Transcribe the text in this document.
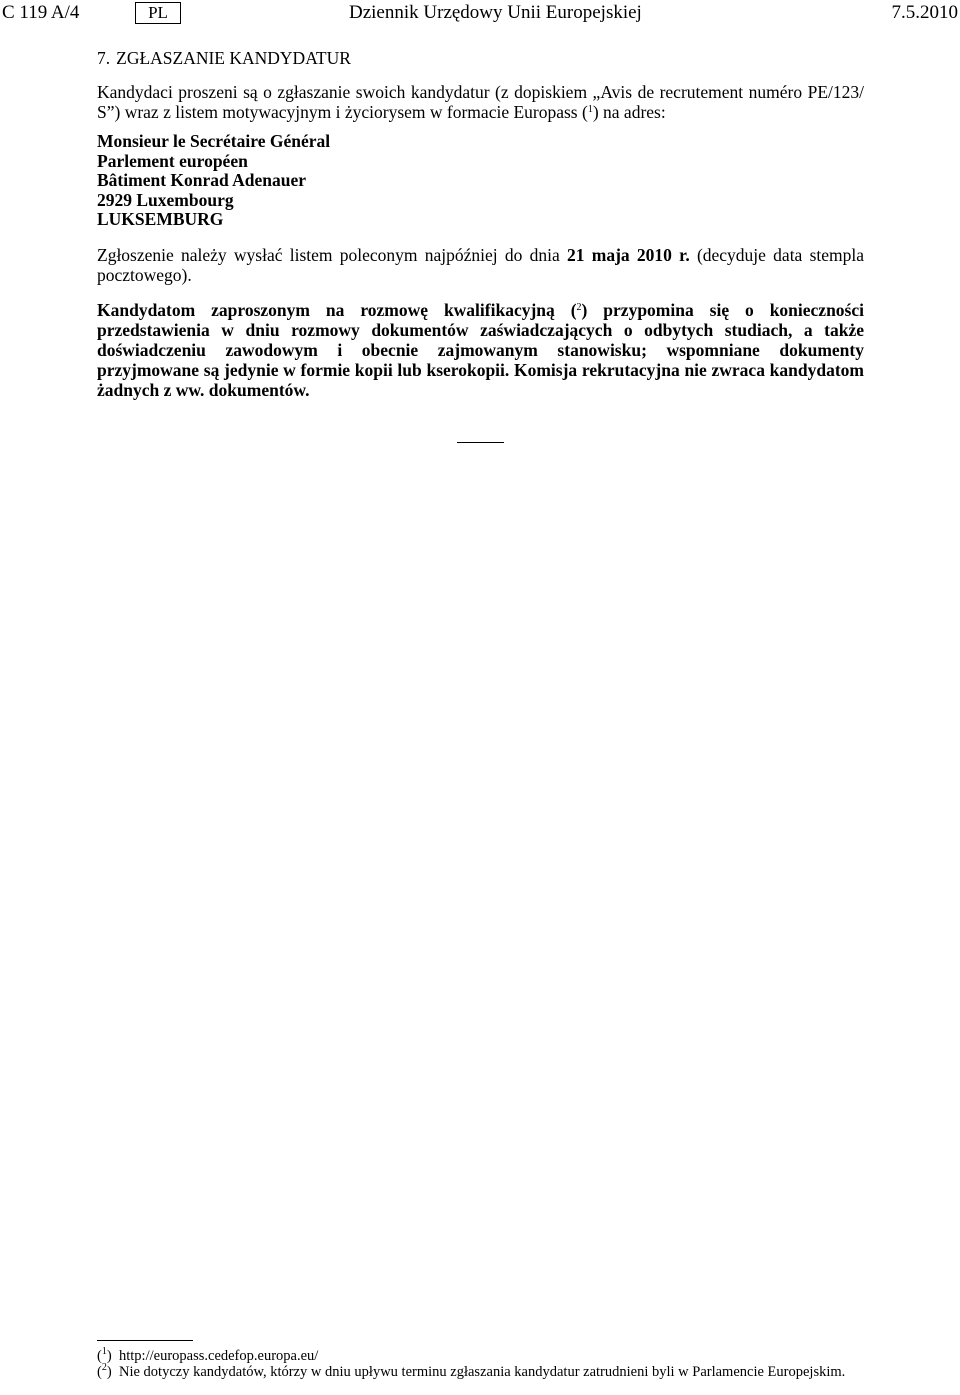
C 119 A/4	PL	Dziennik Urzędowy Unii Europejskiej	7.5.2010
7. ZGŁASZANIE KANDYDATUR

Kandydaci proszeni są o zgłaszanie swoich kandydatur (z dopiskiem „Avis de recrutement numéro PE/123/ S”) wraz z listem motywacyjnym i życiorysem w formacie Europass ($^1$) na adres:

Monsieur le Secrétaire Général
Parlement européen
Bâtiment Konrad Adenauer
2929 Luxembourg
LUKSEMBURG

Zgłoszenie należy wysłać listem poleconym najpóźniej do dnia 21 maja 2010 r. (decyduje data stempla pocztowego).

Kandydatom zaproszonym na rozmowę kwalifikacyjną ($^2$) przypomina się o konieczności przedstawienia w dniu rozmowy dokumentów zaświadczających o odbytych studiach, a także doświadczeniu zawodowym i obecnie zajmowanym stanowisku; wspomniane dokumenty przyjmowane są jedynie w formie kopii lub kserokopii. Komisja rekrutacyjna nie zwraca kandydatom żadnych z ww. dokumentów.

($^1$) http://europass.cedefop.europa.eu/
($^2$) Nie dotyczy kandydatów, którzy w dniu upływu terminu zgłaszania kandydatur zatrudnieni byli w Parlamencie Europejskim.
